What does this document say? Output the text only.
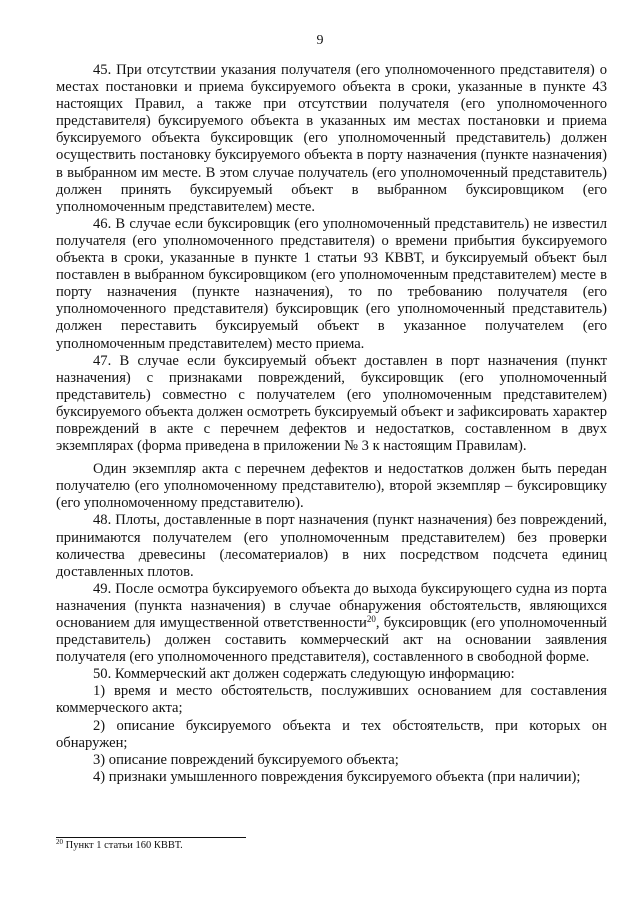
9

45. При отсутствии указания получателя (его уполномоченного представителя) о местах постановки и приема буксируемого объекта в сроки, указанные в пункте 43 настоящих Правил, а также при отсутствии получателя (его уполномоченного представителя) буксируемого объекта в указанных им местах постановки и приема буксируемого объекта буксировщик (его уполномоченный представитель) должен осуществить постановку буксируемого объекта в порту назначения (пункте назначения) в выбранном им месте. В этом случае получатель (его уполномоченный представитель) должен принять буксируемый объект в выбранном буксировщиком (его уполномоченным представителем) месте.

46. В случае если буксировщик (его уполномоченный представитель) не известил получателя (его уполномоченного представителя) о времени прибытия буксируемого объекта в сроки, указанные в пункте 1 статьи 93 КВВТ, и буксируемый объект был поставлен в выбранном буксировщиком (его уполномоченным представителем) месте в порту назначения (пункте назначения), то по требованию получателя (его уполномоченного представителя) буксировщик (его уполномоченный представитель) должен переставить буксируемый объект в указанное получателем (его уполномоченным представителем) место приема.

47. В случае если буксируемый объект доставлен в порт назначения (пункт назначения) с признаками повреждений, буксировщик (его уполномоченный представитель) совместно с получателем (его уполномоченным представителем) буксируемого объекта должен осмотреть буксируемый объект и зафиксировать характер повреждений в акте с перечнем дефектов и недостатков, составленном в двух экземплярах (форма приведена в приложении № 3 к настоящим Правилам).

Один экземпляр акта с перечнем дефектов и недостатков должен быть передан получателю (его уполномоченному представителю), второй экземпляр – буксировщику (его уполномоченному представителю).

48. Плоты, доставленные в порт назначения (пункт назначения) без повреждений, принимаются получателем (его уполномоченным представителем) без проверки количества древесины (лесоматериалов) в них посредством подсчета единиц доставленных плотов.

49. После осмотра буксируемого объекта до выхода буксирующего судна из порта назначения (пункта назначения) в случае обнаружения обстоятельств, являющихся основанием для имущественной ответственности$^{20}$, буксировщик (его уполномоченный представитель) должен составить коммерческий акт на основании заявления получателя (его уполномоченного представителя), составленного в свободной форме.

50. Коммерческий акт должен содержать следующую информацию:

1) время и место обстоятельств, послуживших основанием для составления коммерческого акта;

2) описание буксируемого объекта и тех обстоятельств, при которых он обнаружен;

3) описание повреждений буксируемого объекта;

4) признаки умышленного повреждения буксируемого объекта (при наличии);

$^{20}$ Пункт 1 статьи 160 КВВТ.
